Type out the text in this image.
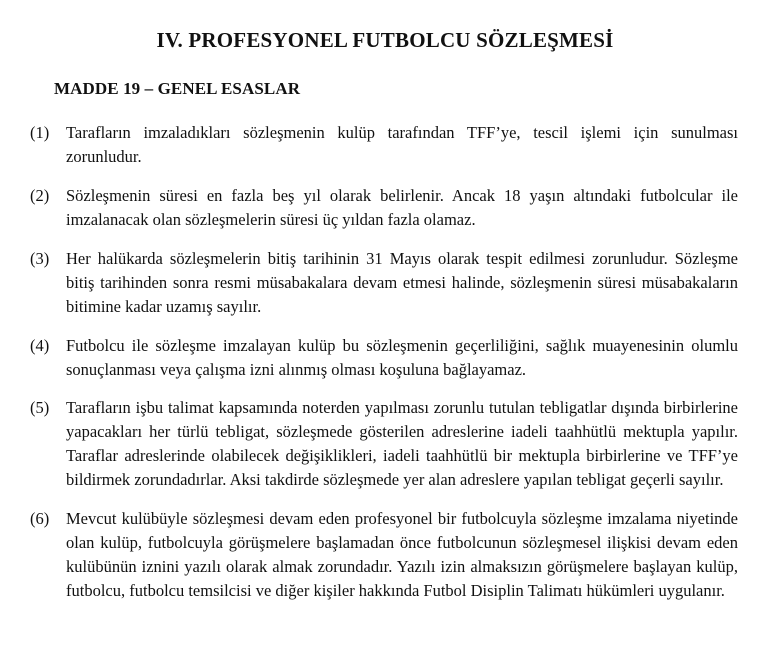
IV. PROFESYONEL FUTBOLCU SÖZLEŞMESİ
MADDE 19 – GENEL ESASLAR
(1)	Tarafların imzaladıkları sözleşmenin kulüp tarafından TFF’ye, tescil işlemi için sunulması zorunludur.
(2)	Sözleşmenin süresi en fazla beş yıl olarak belirlenir. Ancak 18 yaşın altındaki futbolcular ile imzalanacak olan sözleşmelerin süresi üç yıldan fazla olamaz.
(3)	Her halükarda sözleşmelerin bitiş tarihinin 31 Mayıs olarak tespit edilmesi zorunludur. Sözleşme bitiş tarihinden sonra resmi müsabakalara devam etmesi halinde, sözleşmenin süresi müsabakaların bitimine kadar uzamış sayılır.
(4)	Futbolcu ile sözleşme imzalayan kulüp bu sözleşmenin geçerliliğini, sağlık muayenesinin olumlu sonuçlanması veya çalışma izni alınmış olması koşuluna bağlayamaz.
(5)	Tarafların işbu talimat kapsamında noterden yapılması zorunlu tutulan tebligatlar dışında birbirlerine yapacakları her türlü tebligat, sözleşmede gösterilen adreslerine iadeli taahhütlü mektupla yapılır. Taraflar adreslerinde olabilecek değişiklikleri, iadeli taahhütlü bir mektupla birbirlerine ve TFF’ye bildirmek zorundadırlar. Aksi takdirde sözleşmede yer alan adreslere yapılan tebligat geçerli sayılır.
(6)	Mevcut kulübüyle sözleşmesi devam eden profesyonel bir futbolcuyla sözleşme imzalama niyetinde olan kulüp, futbolcuyla görüşmelere başlamadan önce futbolcunun sözleşmesel ilişkisi devam eden kulübünün iznini yazılı olarak almak zorundadır. Yazılı izin almaksızın görüşmelere başlayan kulüp, futbolcu, futbolcu temsilcisi ve diğer kişiler hakkında Futbol Disiplin Talimatı hükümleri uygulanır.
